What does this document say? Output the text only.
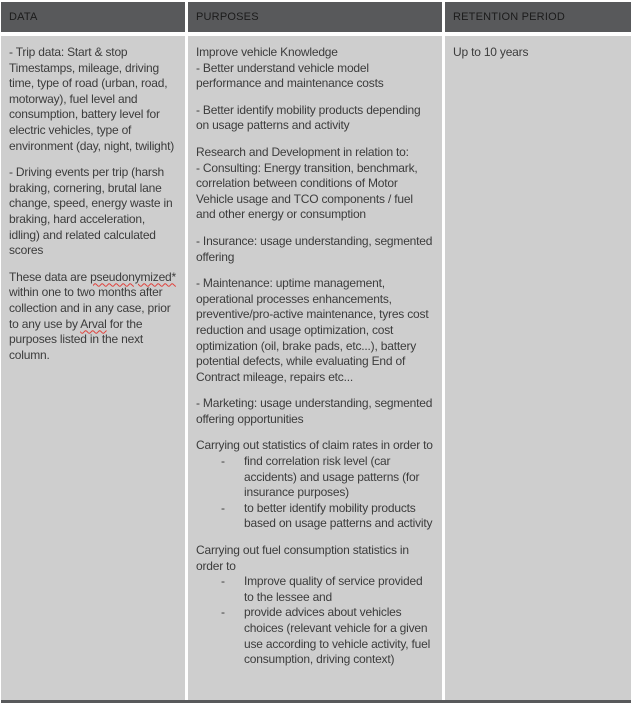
DATA	PURPOSES	RETENTION PERIOD

- Trip data: Start & stop Timestamps, mileage, driving time, type of road (urban, road, motorway), fuel level and consumption, battery level for electric vehicles, type of environment (day, night, twilight)

- Driving events per trip (harsh braking, cornering, brutal lane change, speed, energy waste in braking, hard acceleration, idling) and related calculated scores

These data are pseudonymized* within one to two months after collection and in any case, prior to any use by Arval for the purposes listed in the next column.

Improve vehicle Knowledge

- Better understand vehicle model performance and maintenance costs

- Better identify mobility products depending on usage patterns and activity

Research and Development in relation to:

- Consulting: Energy transition, benchmark, correlation between conditions of Motor Vehicle usage and TCO components / fuel and other energy or consumption

- Insurance: usage understanding, segmented offering

- Maintenance: uptime management, operational processes enhancements, preventive/pro-active maintenance, tyres cost reduction and usage optimization, cost optimization (oil, brake pads, etc...), battery potential defects, while evaluating End of Contract mileage, repairs etc...

- Marketing: usage understanding, segmented offering opportunities

Carrying out statistics of claim rates in order to

- find correlation risk level (car accidents) and usage patterns (for insurance purposes)
- to better identify mobility products based on usage patterns and activity

Carrying out fuel consumption statistics in order to

- Improve quality of service provided to the lessee and
- provide advices about vehicles choices (relevant vehicle for a given use according to vehicle activity, fuel consumption, driving context)

Up to 10 years
